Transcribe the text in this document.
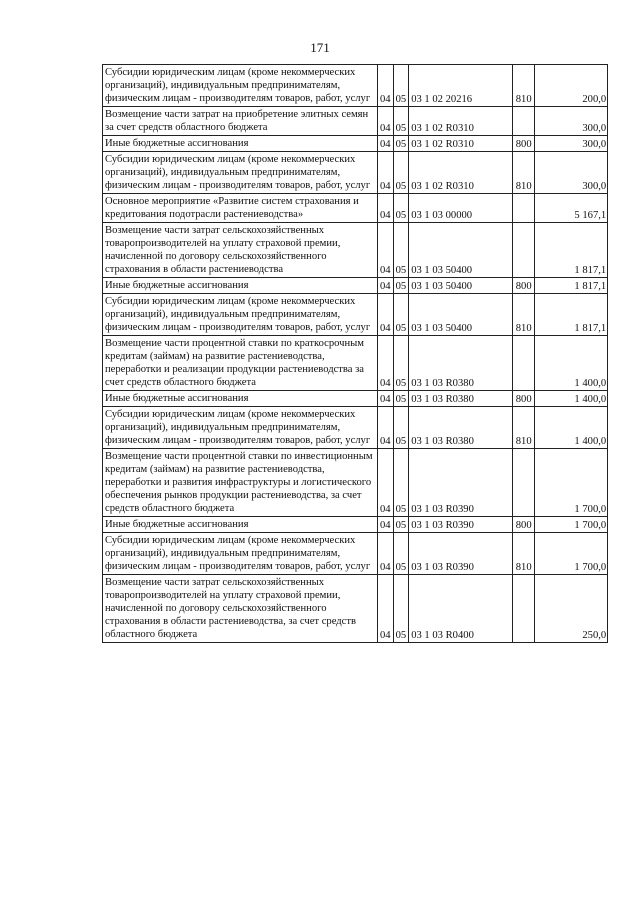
171
Субсидии юридическим лицам (кроме некоммерческих организаций), индивидуальным предпринимателям, физическим лицам - производителям товаров, работ, услуг	04	05	03 1 02 20216	810	200,0
Возмещение части затрат на приобретение элитных семян за счет средств областного бюджета	04	05	03 1 02 R0310		300,0
Иные бюджетные ассигнования	04	05	03 1 02 R0310	800	300,0
Субсидии юридическим лицам (кроме некоммерческих организаций), индивидуальным предпринимателям, физическим лицам - производителям товаров, работ, услуг	04	05	03 1 02 R0310	810	300,0
Основное мероприятие «Развитие систем страхования и кредитования подотрасли растениеводства»	04	05	03 1 03 00000		5 167,1
Возмещение части затрат сельскохозяйственных товаропроизводителей на уплату страховой премии, начисленной по договору сельскохозяйственного страхования в области растениеводства	04	05	03 1 03 50400		1 817,1
Иные бюджетные ассигнования	04	05	03 1 03 50400	800	1 817,1
Субсидии юридическим лицам (кроме некоммерческих организаций), индивидуальным предпринимателям, физическим лицам - производителям товаров, работ, услуг	04	05	03 1 03 50400	810	1 817,1
Возмещение части процентной ставки по краткосрочным кредитам (займам) на развитие растениеводства, переработки и реализации продукции растениеводства за счет средств областного бюджета	04	05	03 1 03 R0380		1 400,0
Иные бюджетные ассигнования	04	05	03 1 03 R0380	800	1 400,0
Субсидии юридическим лицам (кроме некоммерческих организаций), индивидуальным предпринимателям, физическим лицам - производителям товаров, работ, услуг	04	05	03 1 03 R0380	810	1 400,0
Возмещение части процентной ставки по инвестиционным кредитам (займам) на развитие растениеводства, переработки и развития инфраструктуры и логистического обеспечения рынков продукции растениеводства, за счет средств областного бюджета	04	05	03 1 03 R0390		1 700,0
Иные бюджетные ассигнования	04	05	03 1 03 R0390	800	1 700,0
Субсидии юридическим лицам (кроме некоммерческих организаций), индивидуальным предпринимателям, физическим лицам - производителям товаров, работ, услуг	04	05	03 1 03 R0390	810	1 700,0
Возмещение части затрат сельскохозяйственных товаропроизводителей на уплату страховой премии, начисленной по договору сельскохозяйственного страхования в области растениеводства, за счет средств областного бюджета	04	05	03 1 03 R0400		250,0
